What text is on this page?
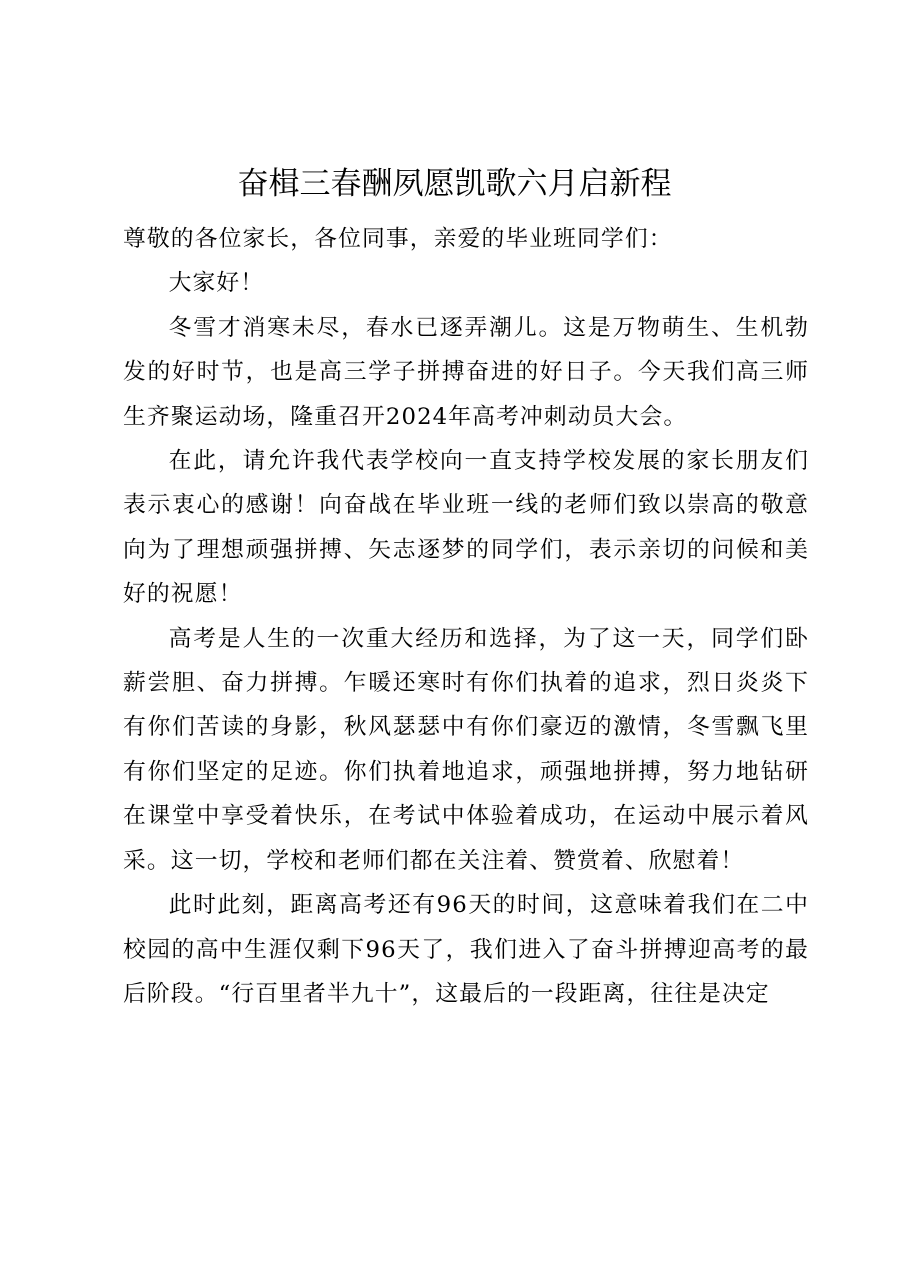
奋楫三春酬夙愿凯歌六月启新程

尊敬的各位家长，各位同事，亲爱的毕业班同学们：

大家好！

冬雪才消寒未尽，春水已逐弄潮儿。这是万物萌生、生机勃发的好时节，也是高三学子拼搏奋进的好日子。今天我们高三师生齐聚运动场，隆重召开2024年高考冲刺动员大会。

在此，请允许我代表学校向一直支持学校发展的家长朋友们表示衷心的感谢！向奋战在毕业班一线的老师们致以崇高的敬意向为了理想顽强拼搏、矢志逐梦的同学们，表示亲切的问候和美好的祝愿！

高考是人生的一次重大经历和选择，为了这一天，同学们卧薪尝胆、奋力拼搏。乍暖还寒时有你们执着的追求，烈日炎炎下有你们苦读的身影，秋风瑟瑟中有你们豪迈的激情，冬雪飘飞里有你们坚定的足迹。你们执着地追求，顽强地拼搏，努力地钻研在课堂中享受着快乐，在考试中体验着成功，在运动中展示着风采。这一切，学校和老师们都在关注着、赞赏着、欣慰着！

此时此刻，距离高考还有96天的时间，这意味着我们在二中校园的高中生涯仅剩下96天了，我们进入了奋斗拼搏迎高考的最后阶段。“行百里者半九十”，这最后的一段距离，往往是决定
